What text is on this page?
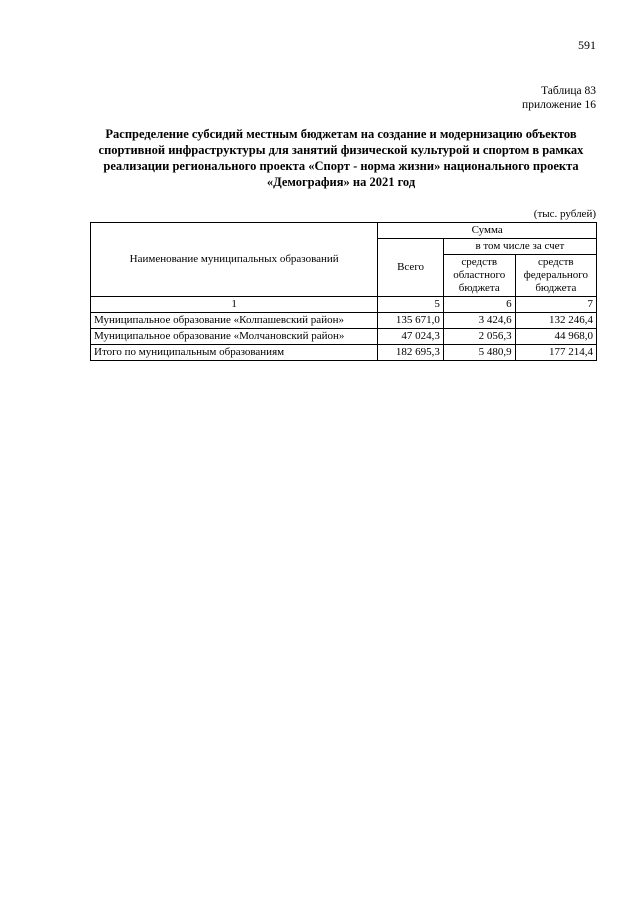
591
Таблица 83
приложение 16
Распределение субсидий местным бюджетам на создание и модернизацию объектов спортивной инфраструктуры для занятий физической культурой и спортом в рамках реализации регионального проекта «Спорт - норма жизни» национального проекта «Демография» на 2021 год
(тыс. рублей)
Наименование муниципальных образований	Сумма		
	Всего	в том числе за счет	
		средств областного бюджета	средств федерального бюджета
1	5	6	7
Муниципальное образование «Колпашевский район»	135 671,0	3 424,6	132 246,4
Муниципальное образование «Молчановский район»	47 024,3	2 056,3	44 968,0
Итого по муниципальным образованиям	182 695,3	5 480,9	177 214,4
